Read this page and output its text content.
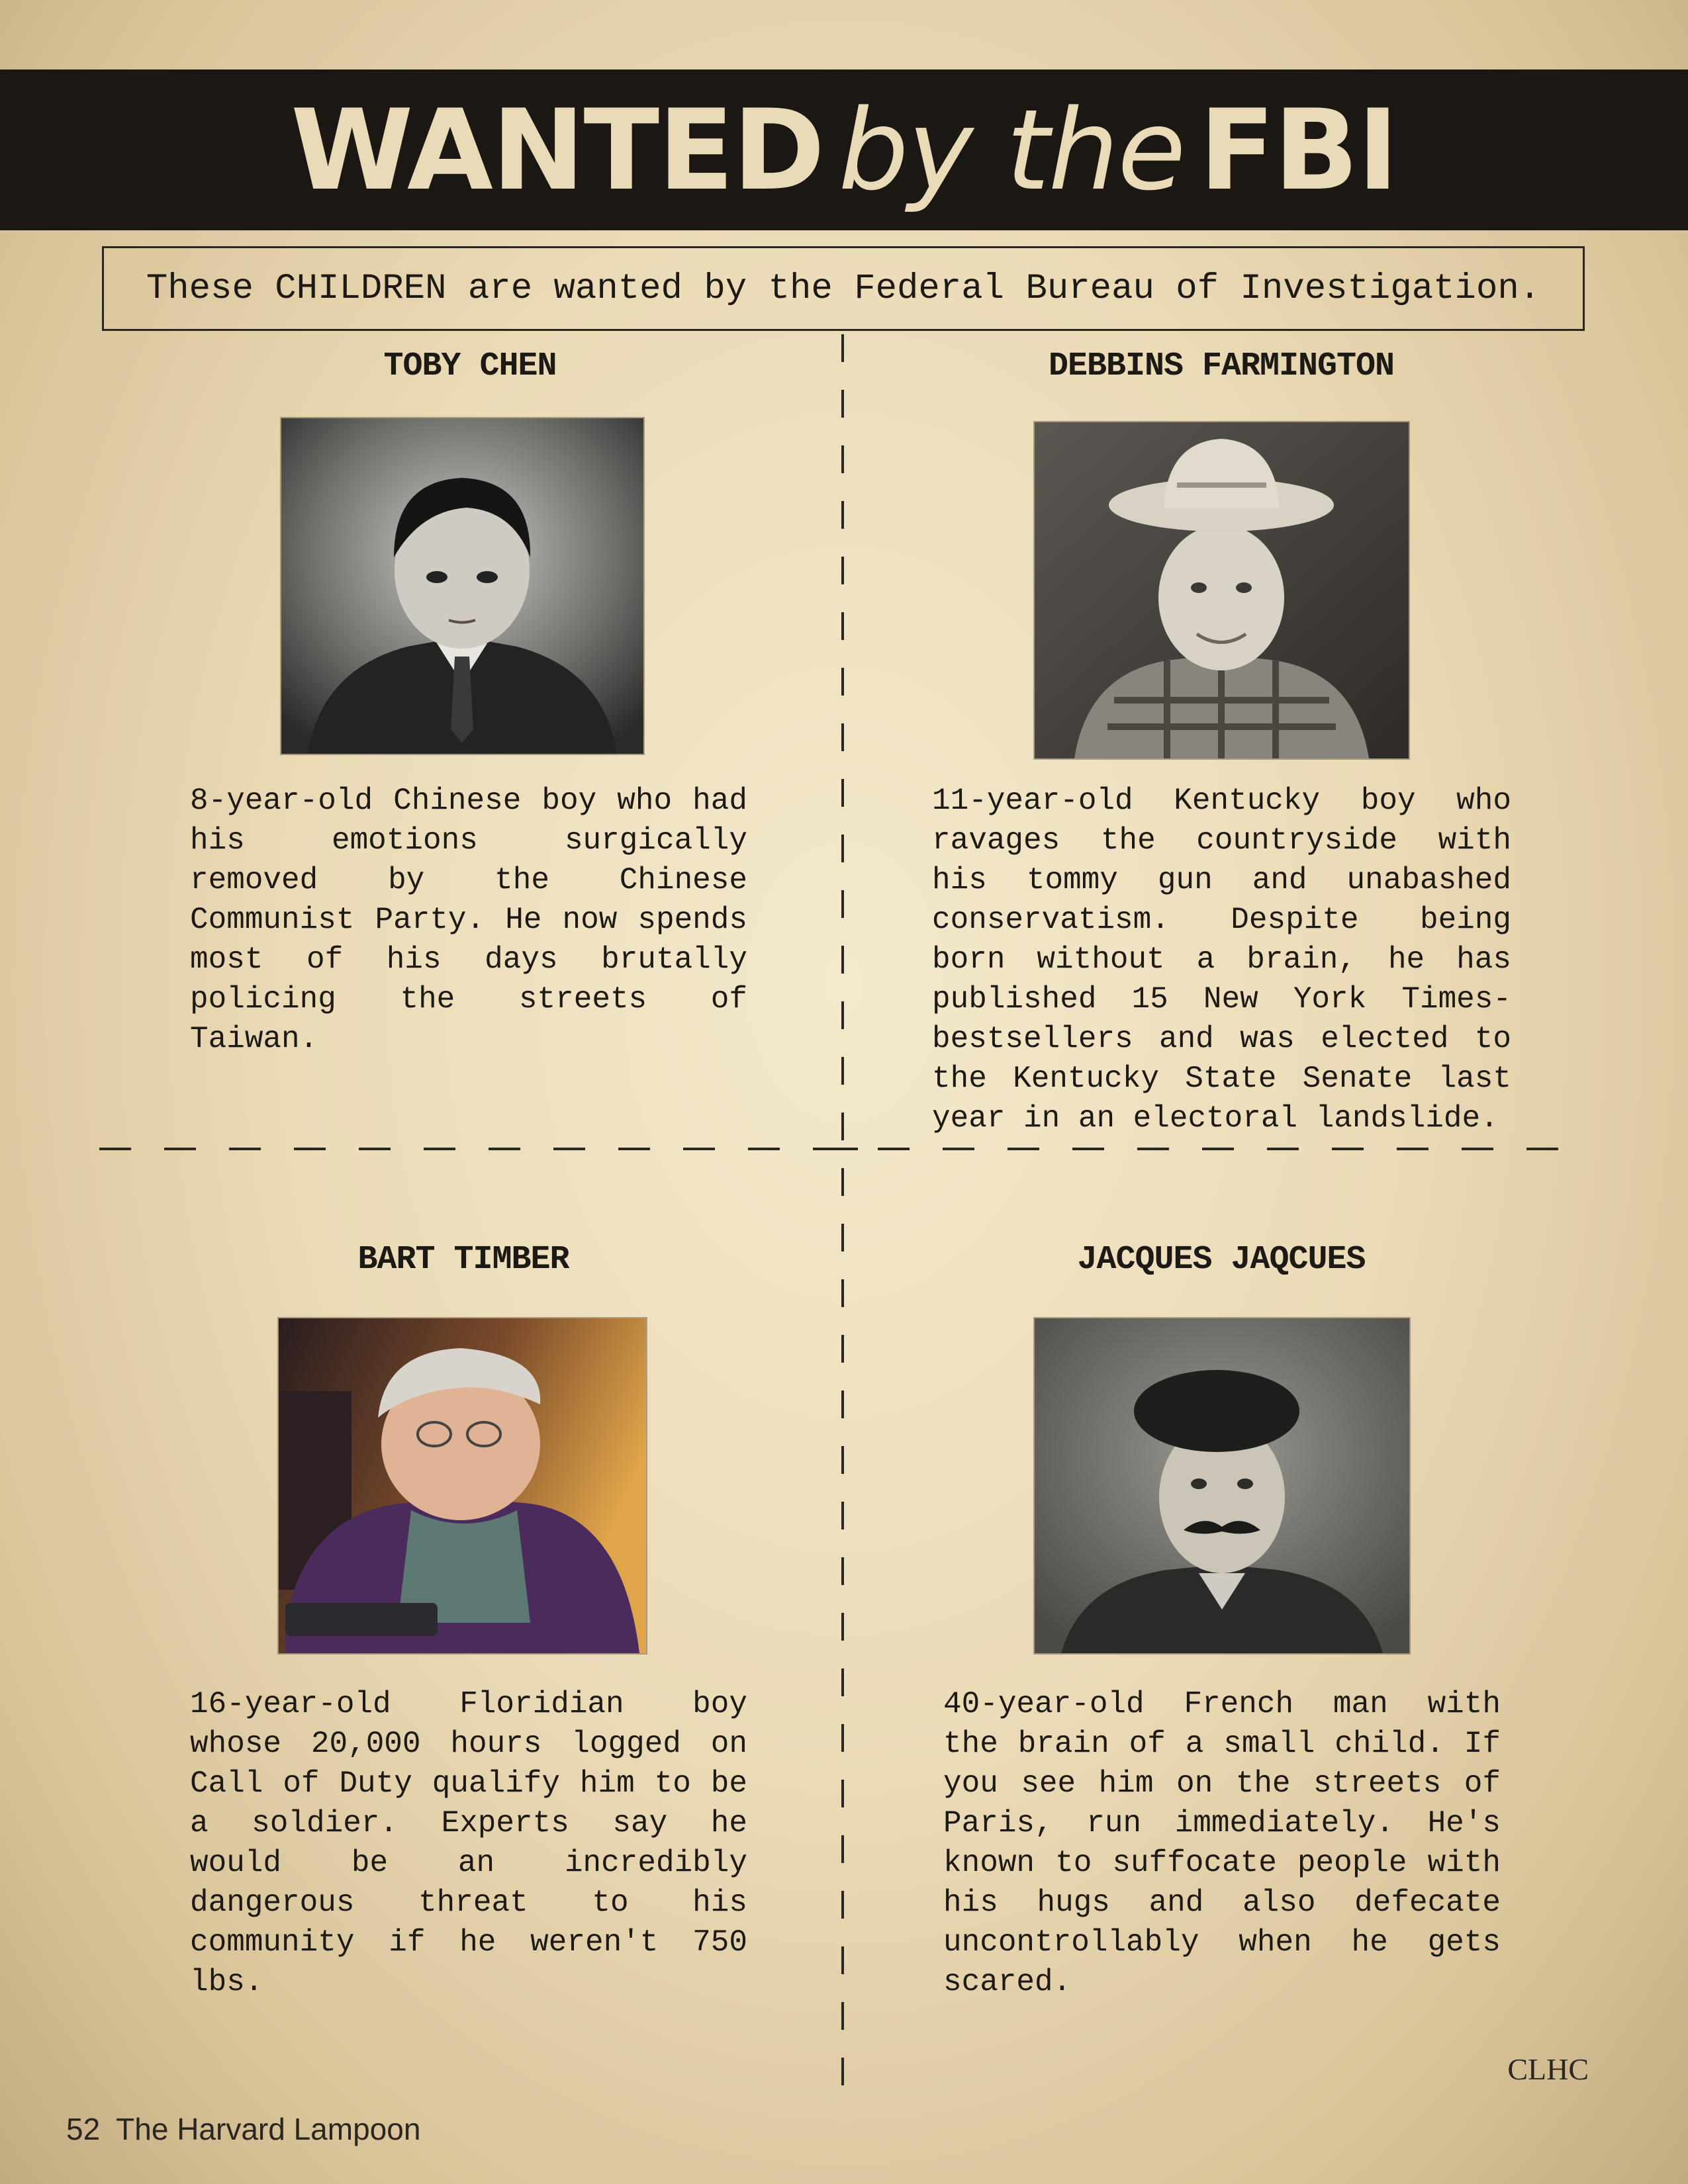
WANTED by the FBI
These CHILDREN are wanted by the Federal Bureau of Investigation.
TOBY CHEN
8-year-old Chinese boy who had his emotions surgically removed by the Chinese Communist Party. He now spends most of his days brutally policing the streets of Taiwan.
DEBBINS FARMINGTON
11-year-old Kentucky boy who ravages the countryside with his tommy gun and unabashed conservatism. Despite being born without a brain, he has published 15 New York Times-bestsellers and was elected to the Kentucky State Senate last year in an electoral landslide.
BART TIMBER
16-year-old Floridian boy whose 20,000 hours logged on Call of Duty qualify him to be a soldier. Experts say he would be an incredibly dangerous threat to his community if he weren't 750 lbs.
JACQUES JAQCUES
40-year-old French man with the brain of a small child. If you see him on the streets of Paris, run immediately. He's known to suffocate people with his hugs and also defecate uncontrollably when he gets scared.
CLHC
52 The Harvard Lampoon
